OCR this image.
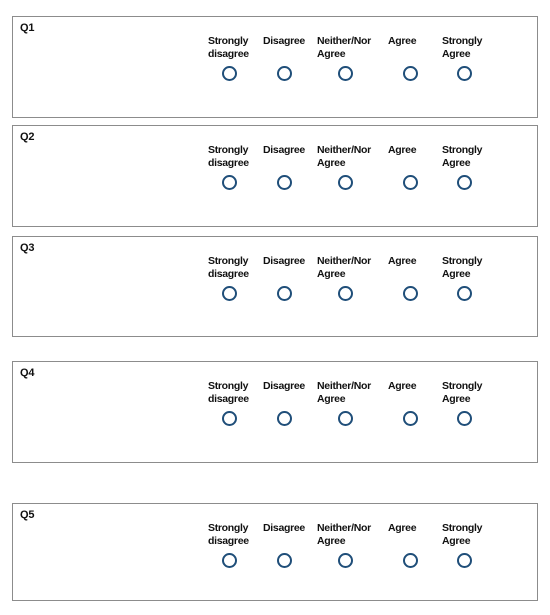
Q1
Strongly
disagree
Disagree	Neither/Nor
Agree
Agree	Strongly
Agree
Q2
Strongly
disagree
Disagree	Neither/Nor
Agree
Agree	Strongly
Agree
Q3
Strongly
disagree
Disagree	Neither/Nor
Agree
Agree	Strongly
Agree
Q4
Strongly
disagree
Disagree	Neither/Nor
Agree
Agree	Strongly
Agree
Q5
Strongly
disagree
Disagree	Neither/Nor
Agree
Agree	Strongly
Agree
